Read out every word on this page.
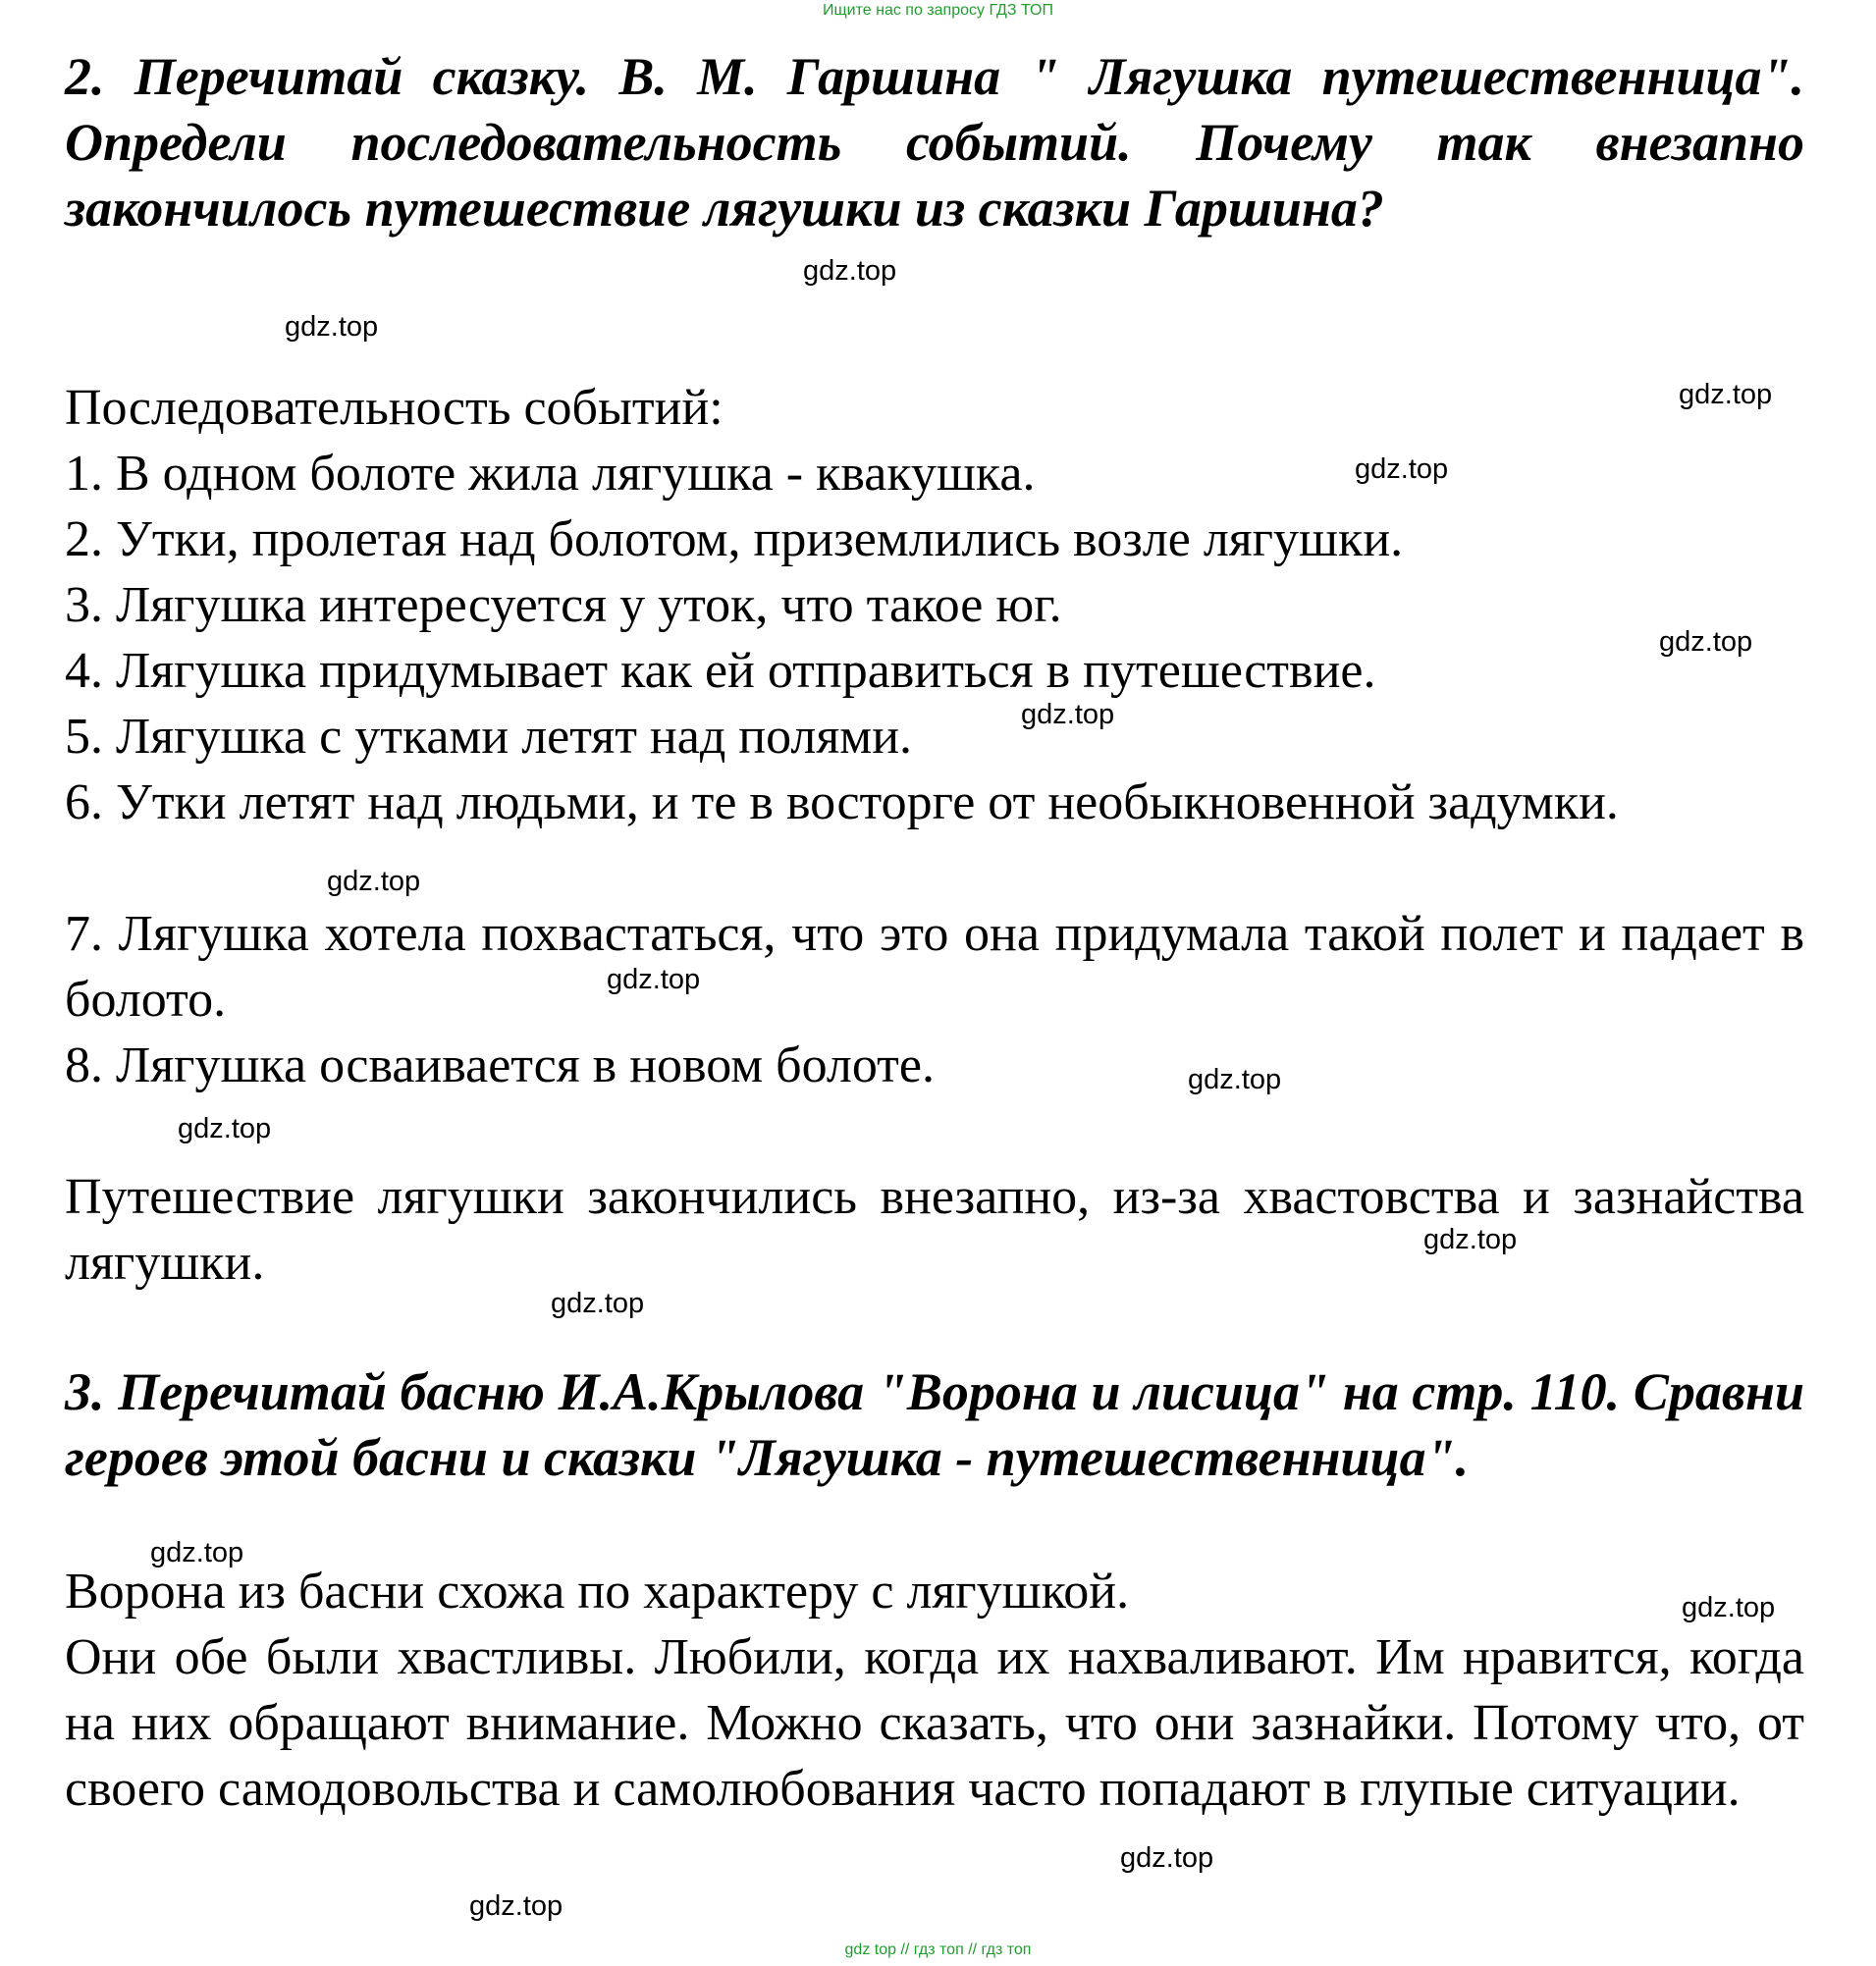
Ищите нас по запросу ГДЗ ТОП

2. Перечитай сказку. В. М. Гаршина " Лягушка путешественница". Определи последовательность событий. Почему так внезапно закончилось путешествие лягушки из сказки Гаршина?

Последовательность событий:

1. В одном болоте жила лягушка - квакушка.

2. Утки, пролетая над болотом, приземлились возле лягушки.

3. Лягушка интересуется у уток, что такое юг.

4. Лягушка придумывает как ей отправиться в путешествие.

5. Лягушка с утками летят над полями.

6. Утки летят над людьми, и те в восторге от необыкновенной задумки.

7. Лягушка хотела похвастаться, что это она придумала такой полет и падает в болото.

8. Лягушка осваивается в новом болоте.

Путешествие лягушки закончились внезапно, из-за хвастовства и зазнайства лягушки.

3. Перечитай басню И.А.Крылова "Ворона и лисица" на стр. 110. Сравни героев этой басни и сказки "Лягушка - путешественница".

Ворона из басни схожа по характеру с лягушкой.

Они обе были хвастливы. Любили, когда их нахваливают. Им нравится, когда на них обращают внимание. Можно сказать, что они зазнайки. Потому что, от своего самодовольства и самолюбования часто попадают в глупые ситуации.

gdz.top
gdz.top
gdz.top
gdz.top
gdz.top
gdz.top
gdz.top
gdz.top
gdz.top
gdz.top
gdz.top
gdz.top
gdz.top
gdz.top
gdz.top
gdz.top
gdz top // гдз топ // гдз топ
